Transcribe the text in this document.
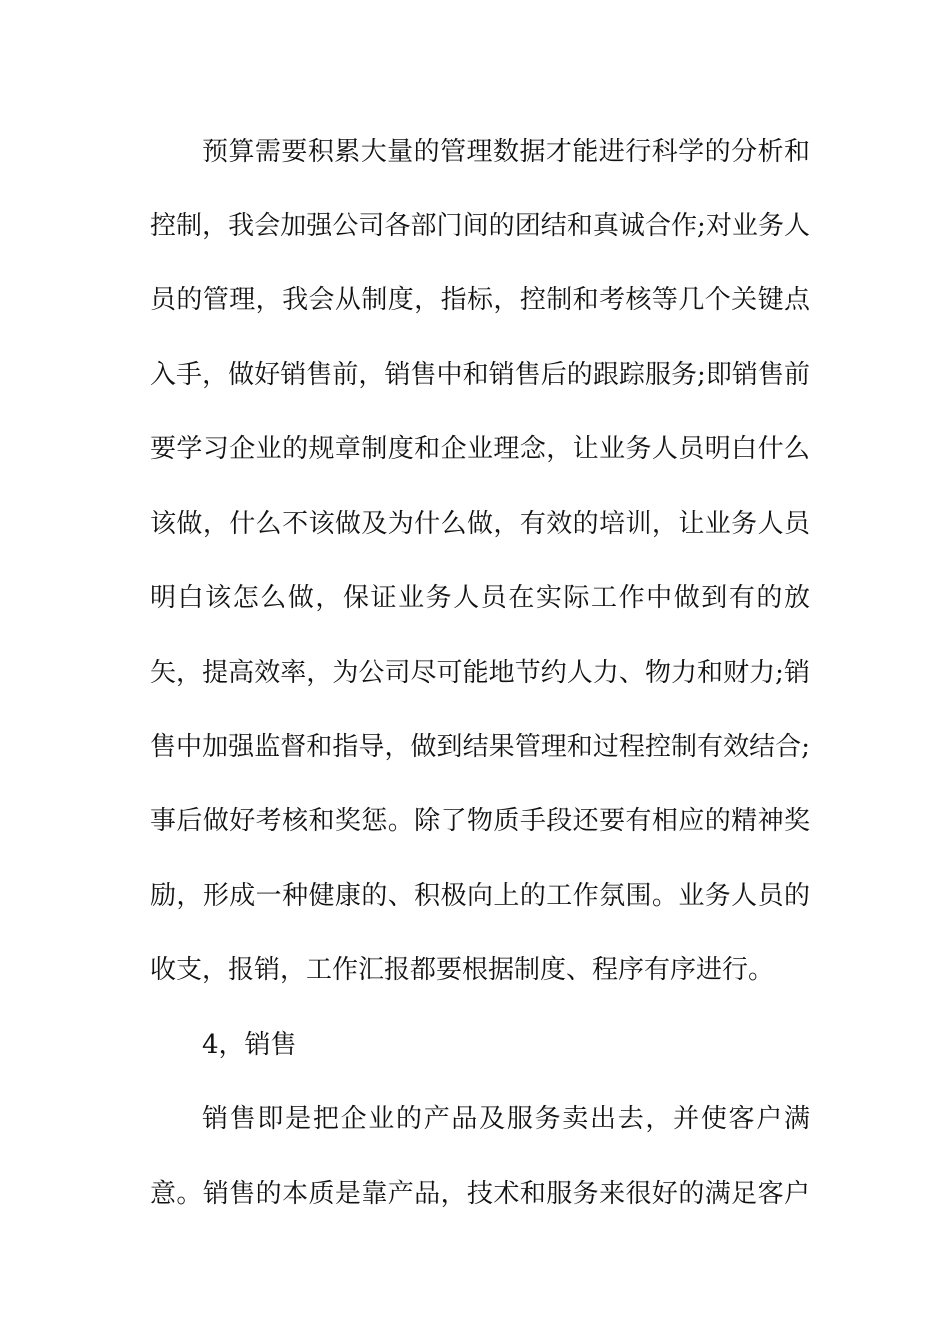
预算需要积累大量的管理数据才能进行科学的分析和
控制，我会加强公司各部门间的团结和真诚合作;对业务人
员的管理，我会从制度，指标，控制和考核等几个关键点
入手，做好销售前，销售中和销售后的跟踪服务;即销售前
要学习企业的规章制度和企业理念，让业务人员明白什么
该做，什么不该做及为什么做，有效的培训，让业务人员
明白该怎么做，保证业务人员在实际工作中做到有的放
矢，提高效率，为公司尽可能地节约人力、物力和财力;销
售中加强监督和指导，做到结果管理和过程控制有效结合;
事后做好考核和奖惩。除了物质手段还要有相应的精神奖
励，形成一种健康的、积极向上的工作氛围。业务人员的
收支，报销，工作汇报都要根据制度、程序有序进行。
4，销售
销售即是把企业的产品及服务卖出去，并使客户满
意。销售的本质是靠产品，技术和服务来很好的满足客户
